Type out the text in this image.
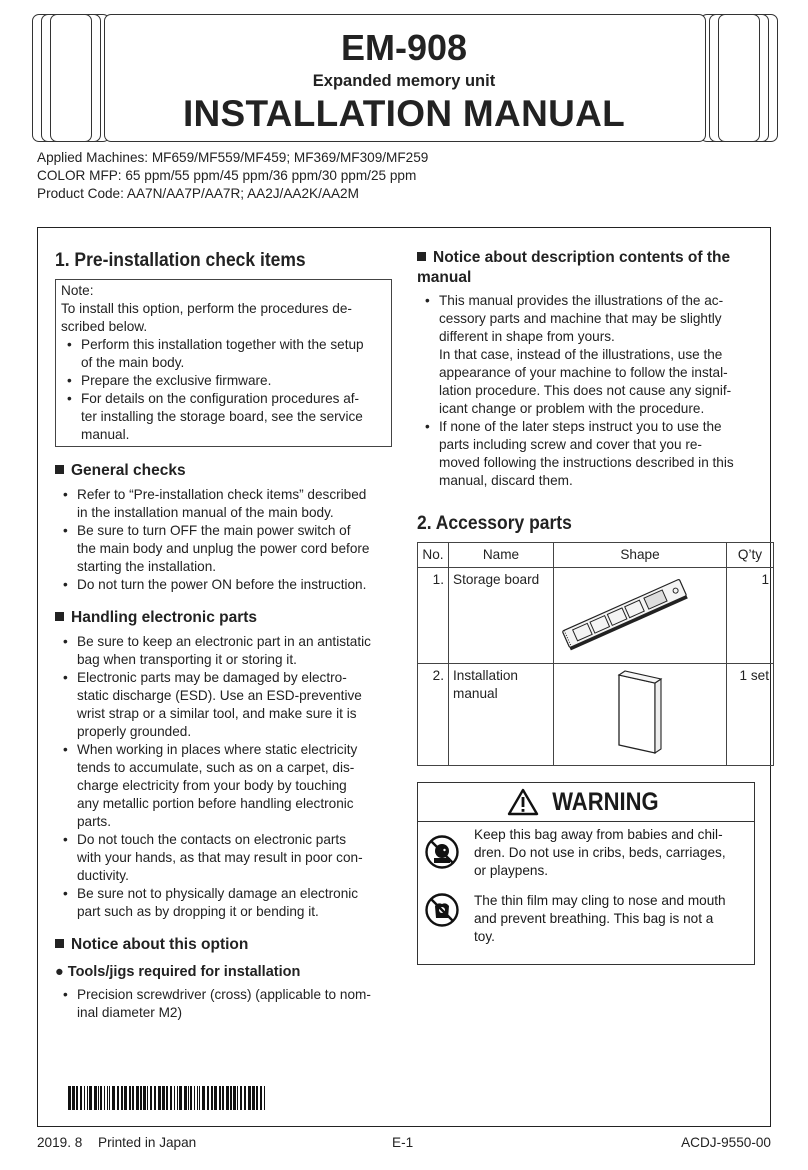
EM-908
Expanded memory unit
INSTALLATION MANUAL
Applied Machines: MF659/MF559/MF459; MF369/MF309/MF259
COLOR MFP: 65 ppm/55 ppm/45 ppm/36 ppm/30 ppm/25 ppm
Product Code: AA7N/AA7P/AA7R; AA2J/AA2K/AA2M
1. Pre-installation check items
Note:
To install this option, perform the procedures de-
scribed below.
• Perform this installation together with the setup
of the main body.
• Prepare the exclusive firmware.
• For details on the configuration procedures af-
ter installing the storage board, see the service
manual.
General checks
• Refer to “Pre-installation check items” described
in the installation manual of the main body.
• Be sure to turn OFF the main power switch of
the main body and unplug the power cord before
starting the installation.
• Do not turn the power ON before the instruction.
Handling electronic parts
• Be sure to keep an electronic part in an antistatic
bag when transporting it or storing it.
• Electronic parts may be damaged by electro-
static discharge (ESD). Use an ESD-preventive
wrist strap or a similar tool, and make sure it is
properly grounded.
• When working in places where static electricity
tends to accumulate, such as on a carpet, dis-
charge electricity from your body by touching
any metallic portion before handling electronic
parts.
• Do not touch the contacts on electronic parts
with your hands, as that may result in poor con-
ductivity.
• Be sure not to physically damage an electronic
part such as by dropping it or bending it.
Notice about this option
● Tools/jigs required for installation
• Precision screwdriver (cross) (applicable to nom-
inal diameter M2)
Notice about description contents of the
manual
• This manual provides the illustrations of the ac-
cessory parts and machine that may be slightly
different in shape from yours.
In that case, instead of the illustrations, use the
appearance of your machine to follow the instal-
lation procedure. This does not cause any signif-
icant change or problem with the procedure.
• If none of the later steps instruct you to use the
parts including screw and cover that you re-
moved following the instructions described in this
manual, discard them.
2. Accessory parts
No.	Name	Shape	Q’ty
1.	Storage board		1
2.	Installation
manual		1 set
WARNING
Keep this bag away from babies and chil-
dren. Do not use in cribs, beds, carriages,
or playpens.
The thin film may cling to nose and mouth
and prevent breathing. This bag is not a
toy.
2019. 8 Printed in Japan	E-1	ACDJ-9550-00
